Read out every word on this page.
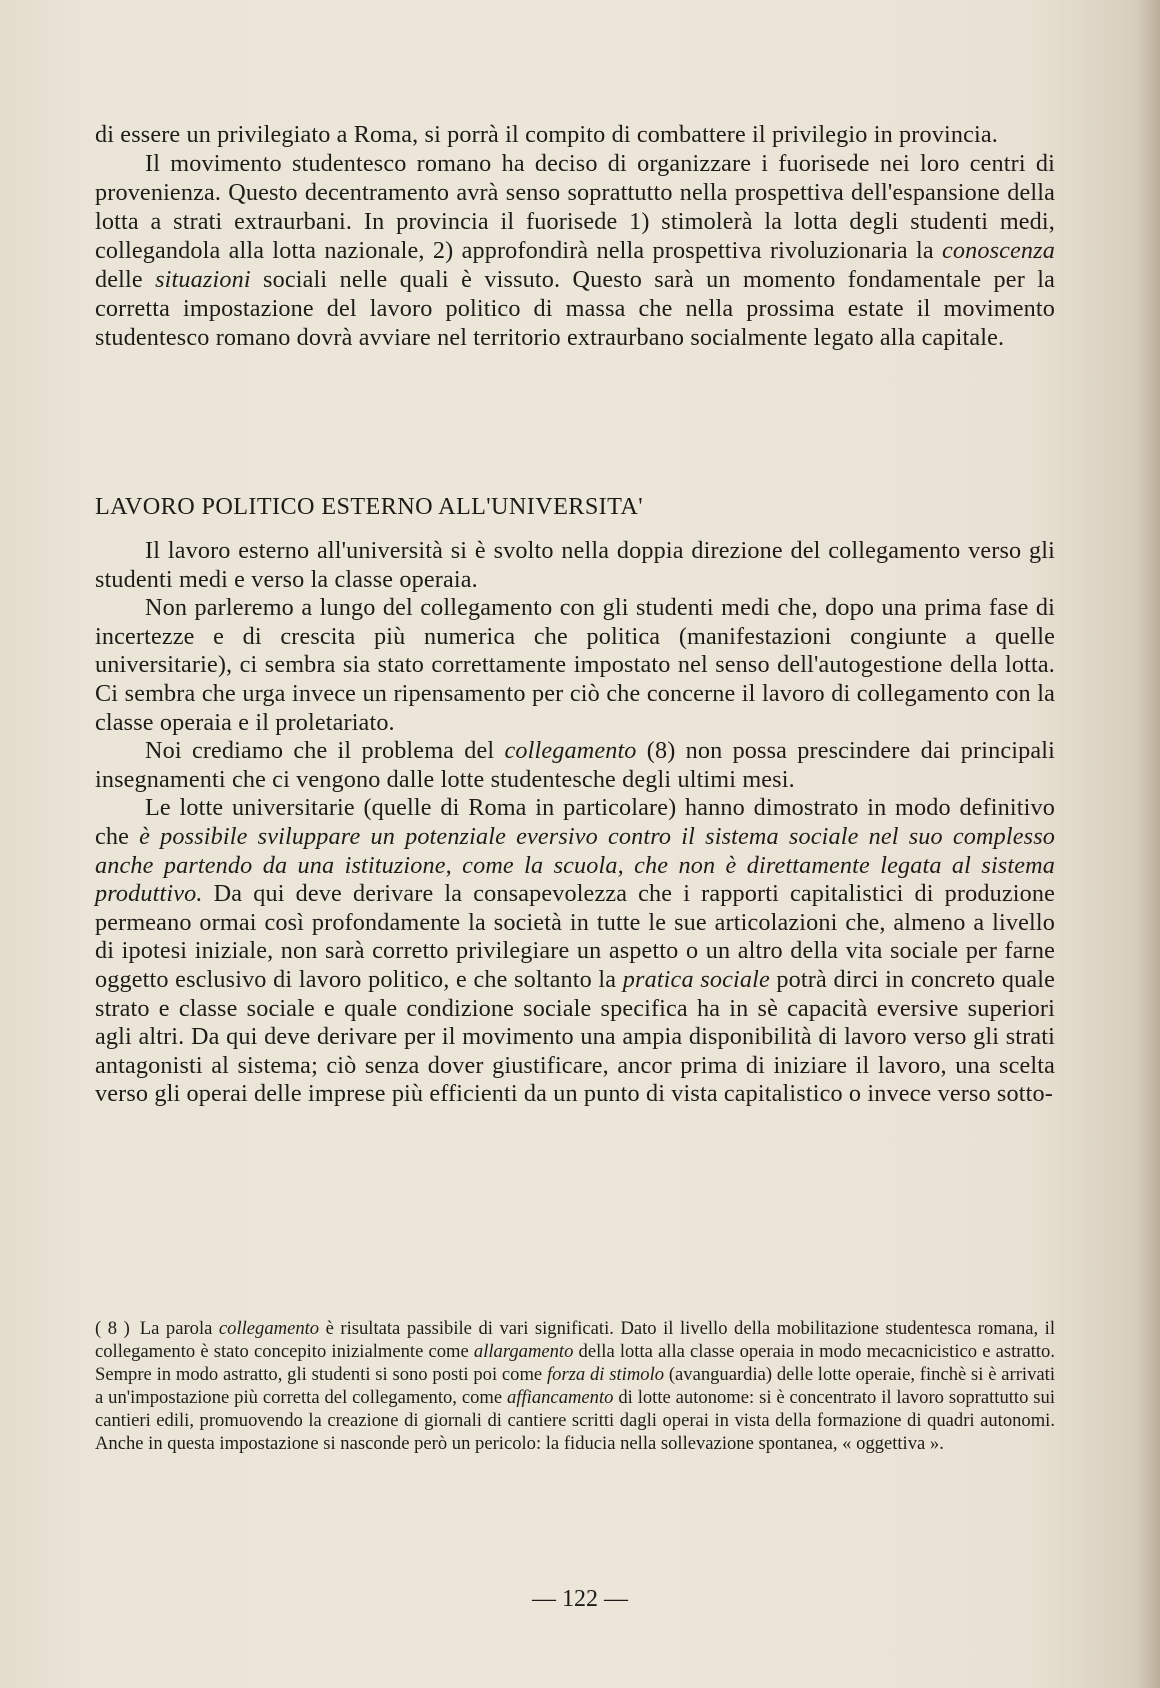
di essere un privilegiato a Roma, si porrà il compito di combattere il privilegio in provincia.

Il movimento studentesco romano ha deciso di organizzare i fuorisede nei loro centri di provenienza. Questo decentramento avrà senso soprattutto nella prospettiva dell'espansione della lotta a strati extraurbani. In provincia il fuorisede 1) stimolerà la lotta degli studenti medi, collegandola alla lotta nazionale, 2) approfondirà nella prospettiva rivoluzionaria la conoscenza delle situazioni sociali nelle quali è vissuto. Questo sarà un momento fondamentale per la corretta impostazione del lavoro politico di massa che nella prossima estate il movimento studentesco romano dovrà avviare nel territorio extraurbano socialmente legato alla capitale.

LAVORO POLITICO ESTERNO ALL'UNIVERSITA'

Il lavoro esterno all'università si è svolto nella doppia direzione del collegamento verso gli studenti medi e verso la classe operaia.

Non parleremo a lungo del collegamento con gli studenti medi che, dopo una prima fase di incertezze e di crescita più numerica che politica (manifestazioni congiunte a quelle universitarie), ci sembra sia stato correttamente impostato nel senso dell'autogestione della lotta. Ci sembra che urga invece un ripensamento per ciò che concerne il lavoro di collegamento con la classe operaia e il proletariato.

Noi crediamo che il problema del collegamento (8) non possa prescindere dai principali insegnamenti che ci vengono dalle lotte studentesche degli ultimi mesi.

Le lotte universitarie (quelle di Roma in particolare) hanno dimostrato in modo definitivo che è possibile sviluppare un potenziale eversivo contro il sistema sociale nel suo complesso anche partendo da una istituzione, come la scuola, che non è direttamente legata al sistema produttivo. Da qui deve derivare la consapevolezza che i rapporti capitalistici di produzione permeano ormai così profondamente la società in tutte le sue articolazioni che, almeno a livello di ipotesi iniziale, non sarà corretto privilegiare un aspetto o un altro della vita sociale per farne oggetto esclusivo di lavoro politico, e che soltanto la pratica sociale potrà dirci in concreto quale strato e classe sociale e quale condizione sociale specifica ha in sè capacità eversive superiori agli altri. Da qui deve derivare per il movimento una ampia disponibilità di lavoro verso gli strati antagonisti al sistema; ciò senza dover giustificare, ancor prima di iniziare il lavoro, una scelta verso gli operai delle imprese più efficienti da un punto di vista capitalistico o invece verso sotto-

( 8 ) La parola collegamento è risultata passibile di vari significati. Dato il livello della mobilitazione studentesca romana, il collegamento è stato concepito inizialmente come allargamento della lotta alla classe operaia in modo mecacnicistico e astratto. Sempre in modo astratto, gli studenti si sono posti poi come forza di stimolo (avanguardia) delle lotte operaie, finchè si è arrivati a un'impostazione più corretta del collegamento, come affiancamento di lotte autonome: si è concentrato il lavoro soprattutto sui cantieri edili, promuovendo la creazione di giornali di cantiere scritti dagli operai in vista della formazione di quadri autonomi. Anche in questa impostazione si nasconde però un pericolo: la fiducia nella sollevazione spontanea, « oggettiva ».

— 122 —
